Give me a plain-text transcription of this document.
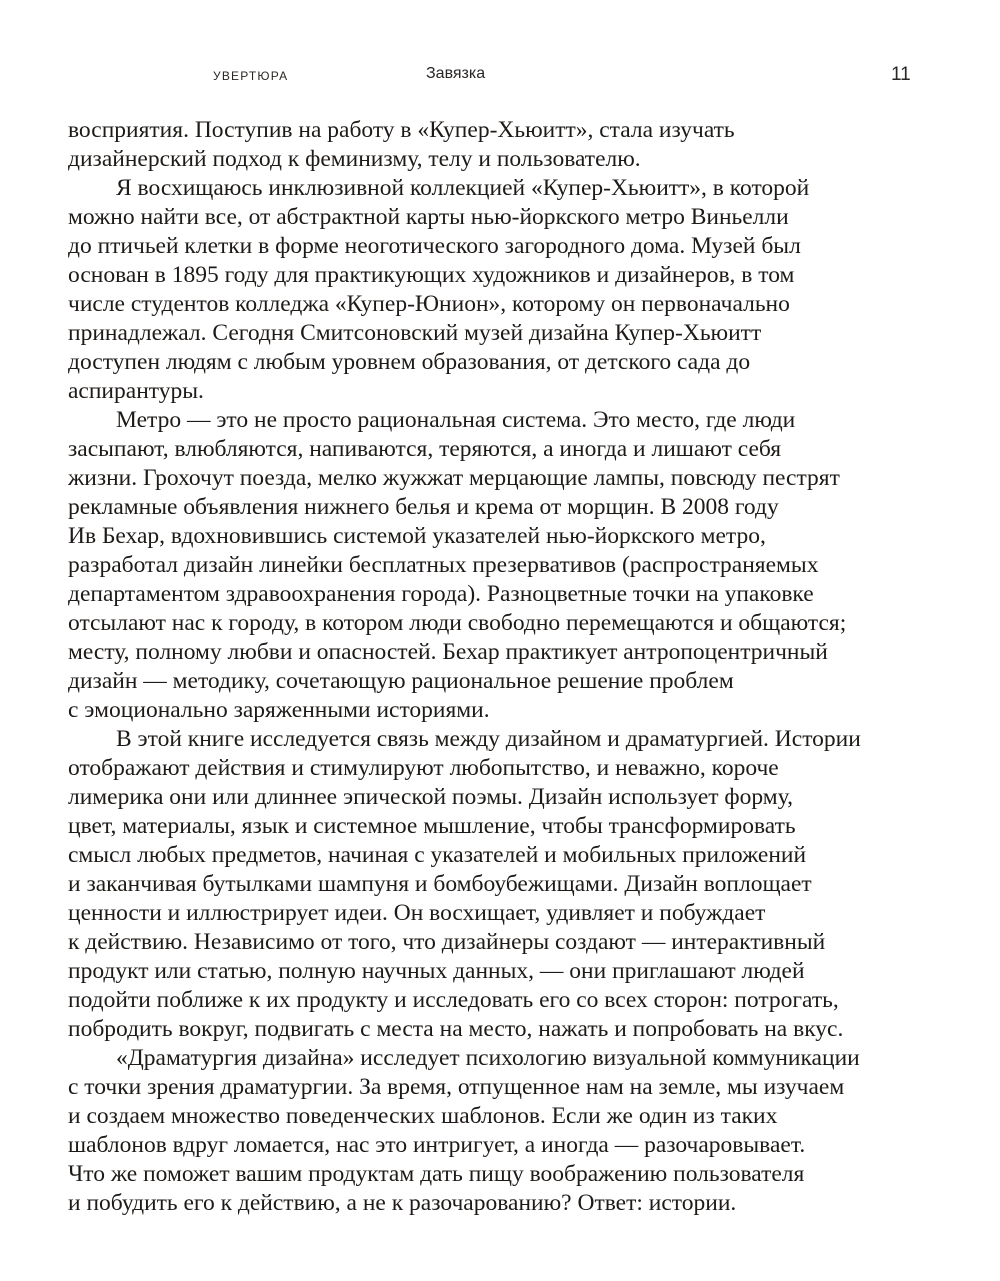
УВЕРТЮРА	Завязка	11
восприятия. Поступив на работу в «Купер-Хьюитт», стала изучать
дизайнерский подход к феминизму, телу и пользователю.
Я восхищаюсь инклюзивной коллекцией «Купер-Хьюитт», в которой
можно найти все, от абстрактной карты нью-йоркского метро Виньелли
до птичьей клетки в форме неоготического загородного дома. Музей был
основан в 1895 году для практикующих художников и дизайнеров, в том
числе студентов колледжа «Купер-Юнион», которому он первоначально
принадлежал. Сегодня Смитсоновский музей дизайна Купер-Хьюитт
доступен людям с любым уровнем образования, от детского сада до
аспирантуры.
Метро — это не просто рациональная система. Это место, где люди
засыпают, влюбляются, напиваются, теряются, а иногда и лишают себя
жизни. Грохочут поезда, мелко жужжат мерцающие лампы, повсюду пестрят
рекламные объявления нижнего белья и крема от морщин. В 2008 году
Ив Бехар, вдохновившись системой указателей нью-йоркского метро,
разработал дизайн линейки бесплатных презервативов (распространяемых
департаментом здравоохранения города). Разноцветные точки на упаковке
отсылают нас к городу, в котором люди свободно перемещаются и общаются;
месту, полному любви и опасностей. Бехар практикует антропоцентричный
дизайн — методику, сочетающую рациональное решение проблем
с эмоционально заряженными историями.
В этой книге исследуется связь между дизайном и драматургией. Истории
отображают действия и стимулируют любопытство, и неважно, короче
лимерика они или длиннее эпической поэмы. Дизайн использует форму,
цвет, материалы, язык и системное мышление, чтобы трансформировать
смысл любых предметов, начиная с указателей и мобильных приложений
и заканчивая бутылками шампуня и бомбоубежищами. Дизайн воплощает
ценности и иллюстрирует идеи. Он восхищает, удивляет и побуждает
к действию. Независимо от того, что дизайнеры создают — интерактивный
продукт или статью, полную научных данных, — они приглашают людей
подойти поближе к их продукту и исследовать его со всех сторон: потрогать,
побродить вокруг, подвигать с места на место, нажать и попробовать на вкус.
«Драматургия дизайна» исследует психологию визуальной коммуникации
с точки зрения драматургии. За время, отпущенное нам на земле, мы изучаем
и создаем множество поведенческих шаблонов. Если же один из таких
шаблонов вдруг ломается, нас это интригует, а иногда — разочаровывает.
Что же поможет вашим продуктам дать пищу воображению пользователя
и побудить его к действию, а не к разочарованию? Ответ: истории.
